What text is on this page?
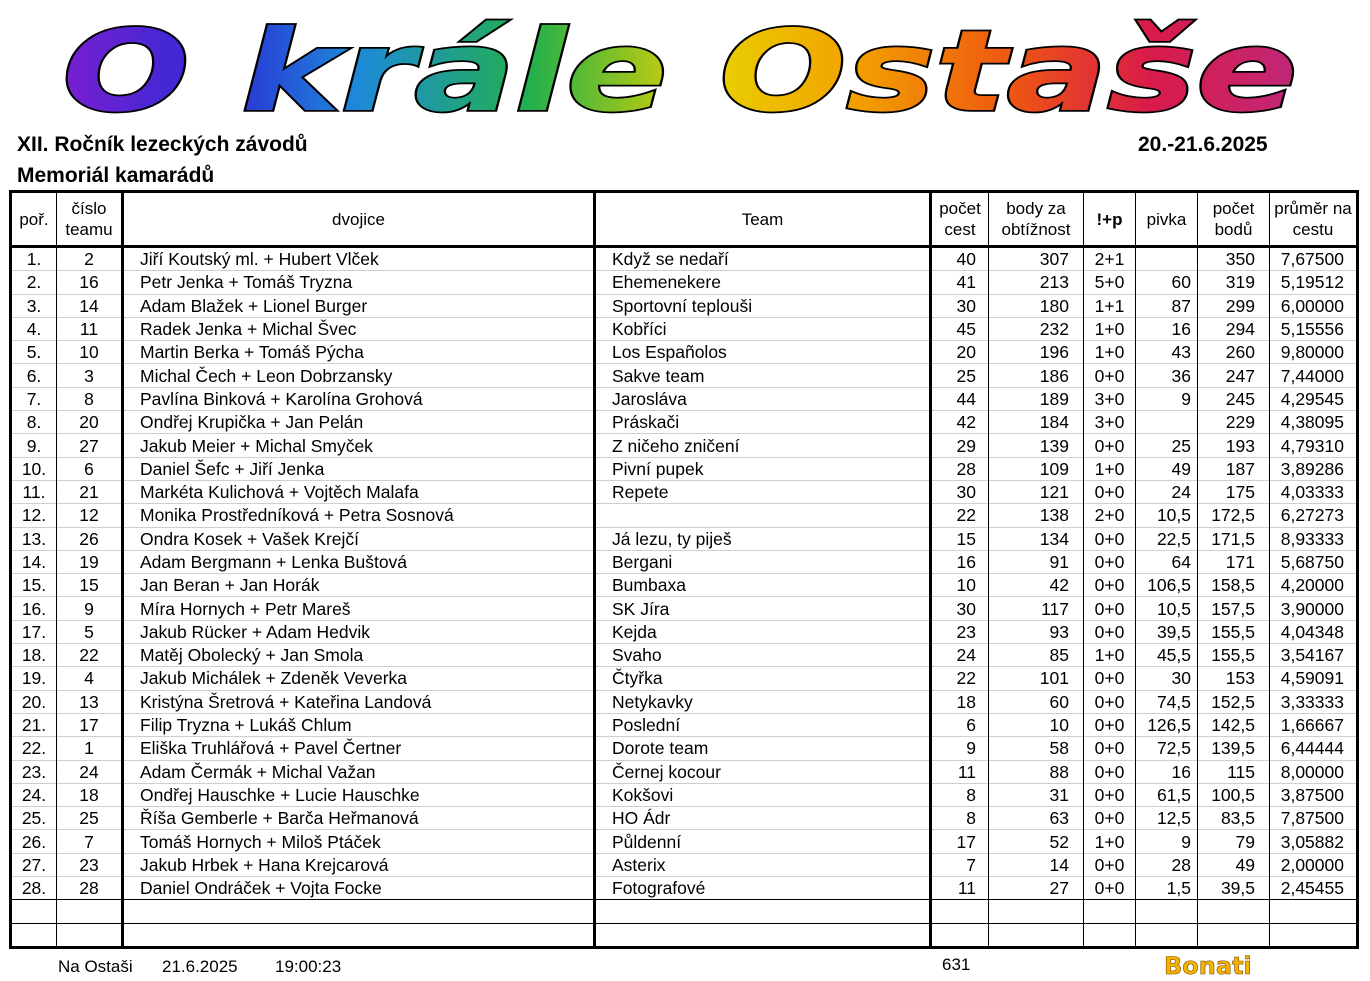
O krále Ostaše
XII. Ročník lezeckých závodů
Memoriál kamarádů
20.-21.6.2025
poř.	číslo teamu	dvojice	Team	počet cest	body za obtížnost	!+p	pivka	počet bodů	průměr na cestu
1.	2	Jiří Koutský ml. + Hubert Vlček	Když se nedaří	40	307	2+1		350	7,67500
2.	16	Petr Jenka + Tomáš Tryzna	Ehemenekere	41	213	5+0	60	319	5,19512
3.	14	Adam Blažek + Lionel Burger	Sportovní teplouši	30	180	1+1	87	299	6,00000
4.	11	Radek Jenka + Michal Švec	Kobříci	45	232	1+0	16	294	5,15556
5.	10	Martin Berka + Tomáš Pýcha	Los Españolos	20	196	1+0	43	260	9,80000
6.	3	Michal Čech + Leon Dobrzansky	Sakve team	25	186	0+0	36	247	7,44000
7.	8	Pavlína Binková + Karolína Grohová	Jarosláva	44	189	3+0	9	245	4,29545
8.	20	Ondřej Krupička + Jan Pelán	Práskači	42	184	3+0		229	4,38095
9.	27	Jakub Meier + Michal Smyček	Z ničeho zničení	29	139	0+0	25	193	4,79310
10.	6	Daniel Šefc + Jiří Jenka	Pivní pupek	28	109	1+0	49	187	3,89286
11.	21	Markéta Kulichová + Vojtěch Malafa	Repete	30	121	0+0	24	175	4,03333
12.	12	Monika Prostředníková + Petra Sosnová		22	138	2+0	10,5	172,5	6,27273
13.	26	Ondra Kosek + Vašek Krejčí	Já lezu, ty piješ	15	134	0+0	22,5	171,5	8,93333
14.	19	Adam Bergmann + Lenka Buštová	Bergani	16	91	0+0	64	171	5,68750
15.	15	Jan Beran + Jan Horák	Bumbaxa	10	42	0+0	106,5	158,5	4,20000
16.	9	Míra Hornych + Petr Mareš	SK Jíra	30	117	0+0	10,5	157,5	3,90000
17.	5	Jakub Rücker + Adam Hedvik	Kejda	23	93	0+0	39,5	155,5	4,04348
18.	22	Matěj Obolecký + Jan Smola	Svaho	24	85	1+0	45,5	155,5	3,54167
19.	4	Jakub Michálek + Zdeněk Veverka	Čtyřka	22	101	0+0	30	153	4,59091
20.	13	Kristýna Šretrová + Kateřina Landová	Netykavky	18	60	0+0	74,5	152,5	3,33333
21.	17	Filip Tryzna + Lukáš Chlum	Poslední	6	10	0+0	126,5	142,5	1,66667
22.	1	Eliška Truhlářová + Pavel Čertner	Dorote team	9	58	0+0	72,5	139,5	6,44444
23.	24	Adam Čermák + Michal Važan	Černej kocour	11	88	0+0	16	115	8,00000
24.	18	Ondřej Hauschke + Lucie Hauschke	Kokšovi	8	31	0+0	61,5	100,5	3,87500
25.	25	Říša Gemberle + Barča Heřmanová	HO Ádr	8	63	0+0	12,5	83,5	7,87500
26.	7	Tomáš Hornych + Miloš Ptáček	Půldenní	17	52	1+0	9	79	3,05882
27.	23	Jakub Hrbek + Hana Krejcarová	Asterix	7	14	0+0	28	49	2,00000
28.	28	Daniel Ondráček + Vojta Focke	Fotografové	11	27	0+0	1,5	39,5	2,45455

Na Ostaši 21.6.2025 19:00:23	631	Bonati
